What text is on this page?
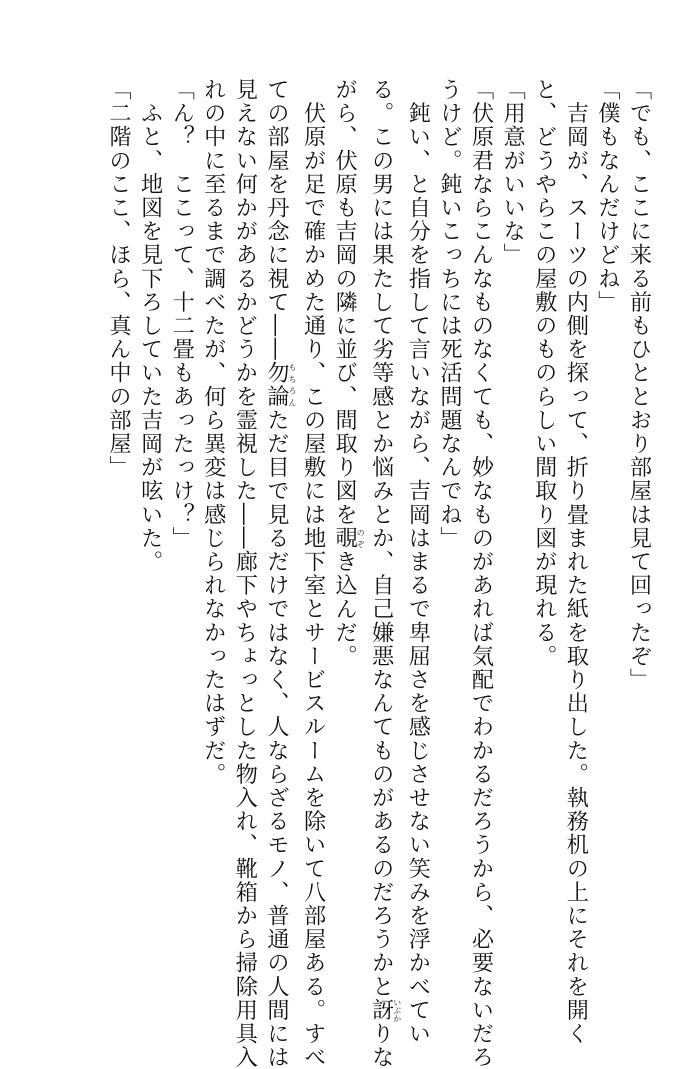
「でも、ここに来る前もひととおり部屋は見て回ったぞ」
「僕もなんだけどね」
　吉岡が、スーツの内側を探って、折り畳まれた紙を取り出した。執務机の上にそれを開く
と、どうやらこの屋敷のものらしい間取り図が現れる。
「用意がいいな」
「伏原君ならこんなものなくても、妙なものがあれば気配でわかるだろうから、必要ないだろ
うけど。鈍いこっちには死活問題なんでね」
　鈍い、と自分を指して言いながら、吉岡はまるで卑屈さを感じさせない笑みを浮かべてい
る。この男には果たして劣等感とか悩みとか、自己嫌悪なんてものがあるのだろうかと訝いぶかりな
がら、伏原も吉岡の隣に並び、間取り図を覗のぞき込んだ。
　伏原が足で確かめた通り、この屋敷には地下室とサービスルームを除いて八部屋ある。すべ
ての部屋を丹念に視て――勿論もちろんただ目で見るだけではなく、人ならざるモノ、普通の人間には
見えない何かがあるかどうかを霊視した――廊下やちょっとした物入れ、靴箱から掃除用具入
れの中に至るまで調べたが、何ら異変は感じられなかったはずだ。
「ん？　ここって、十二畳もあったっけ？」
　ふと、地図を見下ろしていた吉岡が呟いた。
「二階のここ、ほら、真ん中の部屋」
